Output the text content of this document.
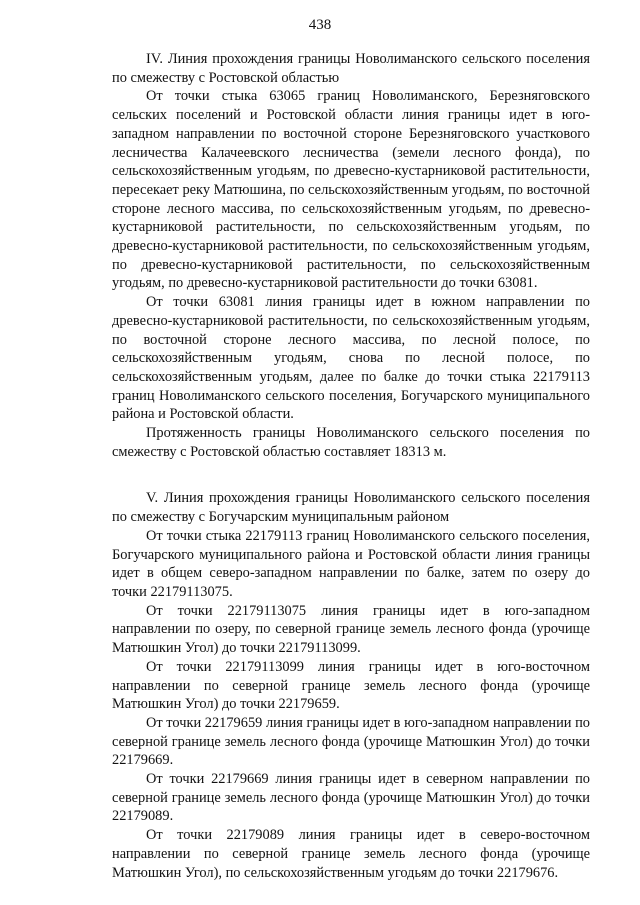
438

IV. Линия прохождения границы Новолиманского сельского поселения по смежеству с Ростовской областью

От точки стыка 63065 границ Новолиманского, Березняговского сельских поселений и Ростовской области линия границы идет в юго-западном направлении по восточной стороне Березняговского участкового лесничества Калачеевского лесничества (земели лесного фонда), по сельскохозяйственным угодьям, по древесно-кустарниковой растительности, пересекает реку Матюшина, по сельскохозяйственным угодьям, по восточной стороне лесного массива, по сельскохозяйственным угодьям, по древесно-кустарниковой растительности, по сельскохозяйственным угодьям, по древесно-кустарниковой растительности, по сельскохозяйственным угодьям, по древесно-кустарниковой растительности, по сельскохозяйственным угодьям, по древесно-кустарниковой растительности до точки 63081.

От точки 63081 линия границы идет в южном направлении по древесно-кустарниковой растительности, по сельскохозяйственным угодьям, по восточной стороне лесного массива, по лесной полосе, по сельскохозяйственным угодьям, снова по лесной полосе, по сельскохозяйственным угодьям, далее по балке до точки стыка 22179113 границ Новолиманского сельского поселения, Богучарского муниципального района и Ростовской области.

Протяженность границы Новолиманского сельского поселения по смежеству с Ростовской областью составляет 18313 м.

V. Линия прохождения границы Новолиманского сельского поселения по смежеству с Богучарским муниципальным районом

От точки стыка 22179113 границ Новолиманского сельского поселения, Богучарского муниципального района и Ростовской области линия границы идет в общем северо-западном направлении по балке, затем по озеру до точки 22179113075.

От точки 22179113075 линия границы идет в юго-западном направлении по озеру, по северной границе земель лесного фонда (урочище Матюшкин Угол) до точки 22179113099.

От точки 22179113099 линия границы идет в юго-восточном направлении по северной границе земель лесного фонда (урочище Матюшкин Угол) до точки 22179659.

От точки 22179659 линия границы идет в юго-западном направлении по северной границе земель лесного фонда (урочище Матюшкин Угол) до точки 22179669.

От точки 22179669 линия границы идет в северном направлении по северной границе земель лесного фонда (урочище Матюшкин Угол) до точки 22179089.

От точки 22179089 линия границы идет в северо-восточном направлении по северной границе земель лесного фонда (урочище Матюшкин Угол), по сельскохозяйственным угодьям до точки 22179676.
